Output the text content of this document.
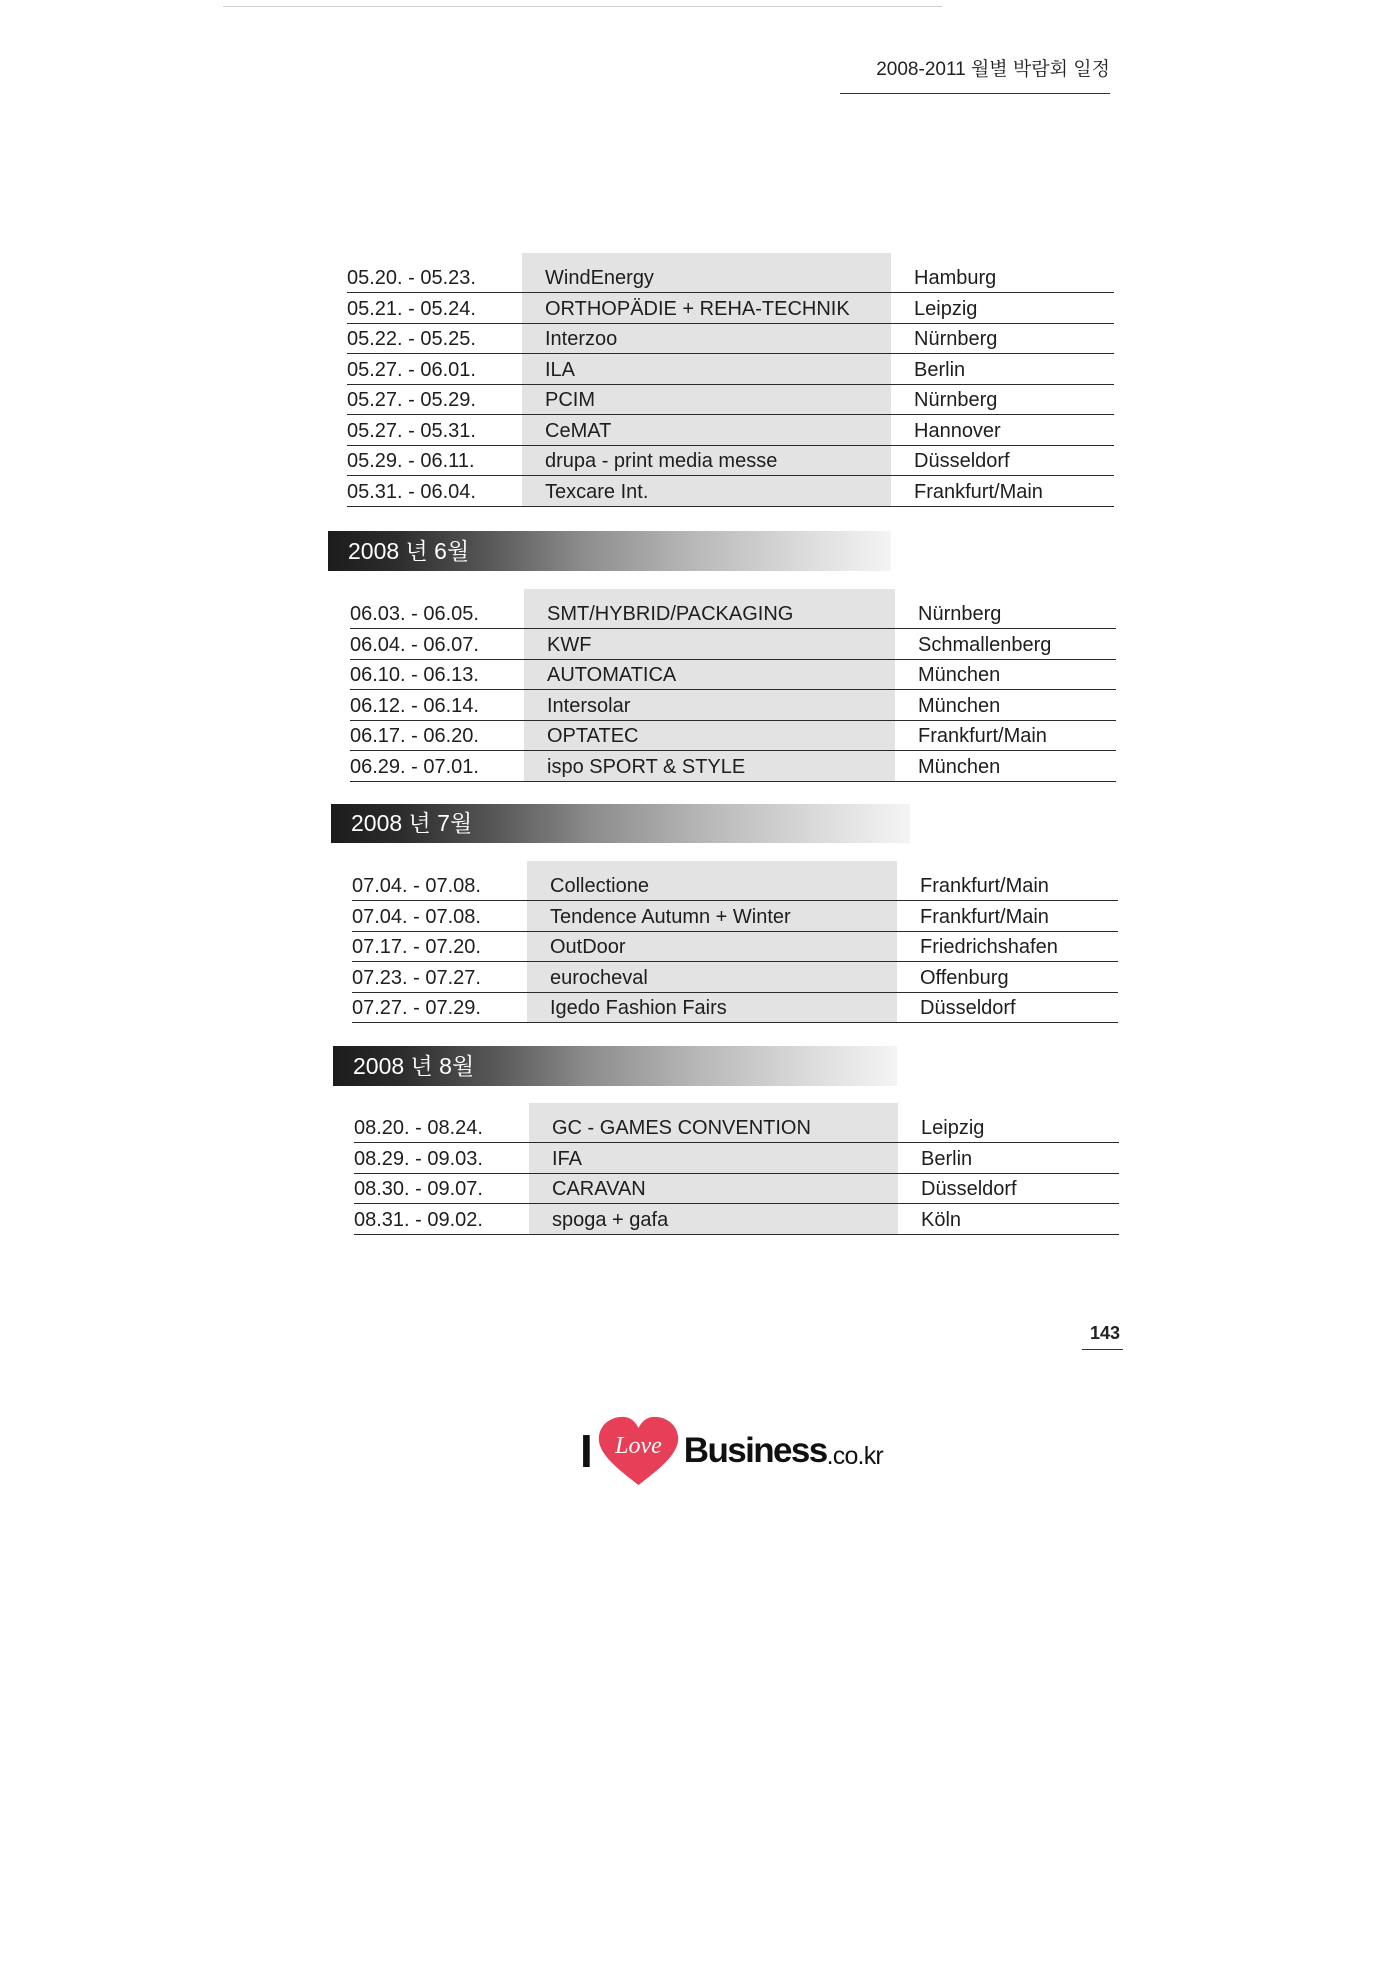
2008-2011 월별 박람회 일정
05.20. - 05.23.	WindEnergy	Hamburg
05.21. - 05.24.	ORTHOPÄDIE + REHA-TECHNIK	Leipzig
05.22. - 05.25.	Interzoo	Nürnberg
05.27. - 06.01.	ILA	Berlin
05.27. - 05.29.	PCIM	Nürnberg
05.27. - 05.31.	CeMAT	Hannover
05.29. - 06.11.	drupa - print media messe	Düsseldorf
05.31. - 06.04.	Texcare Int.	Frankfurt/Main
2008 년 6월
06.03. - 06.05.	SMT/HYBRID/PACKAGING	Nürnberg
06.04. - 06.07.	KWF	Schmallenberg
06.10. - 06.13.	AUTOMATICA	München
06.12. - 06.14.	Intersolar	München
06.17. - 06.20.	OPTATEC	Frankfurt/Main
06.29. - 07.01.	ispo SPORT & STYLE	München
2008 년 7월
07.04. - 07.08.	Collectione	Frankfurt/Main
07.04. - 07.08.	Tendence Autumn + Winter	Frankfurt/Main
07.17. - 07.20.	OutDoor	Friedrichshafen
07.23. - 07.27.	eurocheval	Offenburg
07.27. - 07.29.	Igedo Fashion Fairs	Düsseldorf
2008 년 8월
08.20. - 08.24.	GC - GAMES CONVENTION	Leipzig
08.29. - 09.03.	IFA	Berlin
08.30. - 09.07.	CARAVAN	Düsseldorf
08.31. - 09.02.	spoga + gafa	Köln
143
I Love Business .co.kr
